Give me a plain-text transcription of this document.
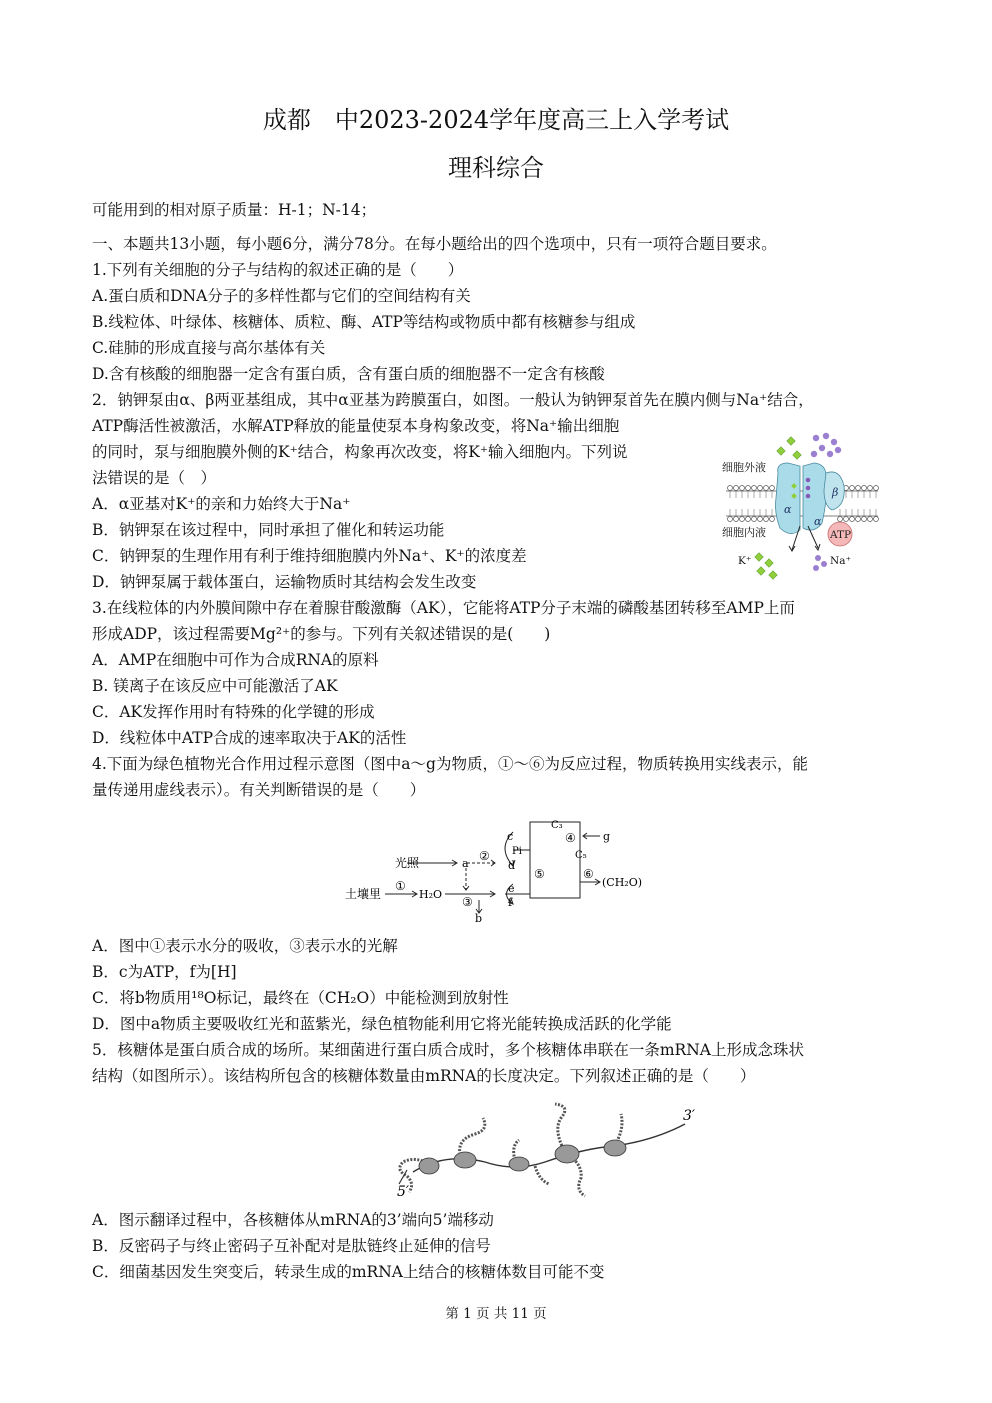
成都　中2023-2024学年度高三上入学考试
理科综合
可能用到的相对原子质量：H-1；N-14；
一、本题共13小题，每小题6分，满分78分。在每小题给出的四个选项中，只有一项符合题目要求。
1.下列有关细胞的分子与结构的叙述正确的是（　　）
A.蛋白质和DNA分子的多样性都与它们的空间结构有关
B.线粒体、叶绿体、核糖体、质粒、酶、ATP等结构或物质中都有核糖参与组成
C.硅肺的形成直接与高尔基体有关
D.含有核酸的细胞器一定含有蛋白质，含有蛋白质的细胞器不一定含有核酸
2．钠钾泵由α、β两亚基组成，其中α亚基为跨膜蛋白，如图。一般认为钠钾泵首先在膜内侧与Na⁺结合，
ATP酶活性被激活，水解ATP释放的能量使泵本身构象改变，将Na⁺输出细胞
的同时，泵与细胞膜外侧的K⁺结合，构象再次改变，将K⁺输入细胞内。下列说
法错误的是（　）
A．α亚基对K⁺的亲和力始终大于Na⁺
B．钠钾泵在该过程中，同时承担了催化和转运功能
C．钠钾泵的生理作用有利于维持细胞膜内外Na⁺、K⁺的浓度差
D．钠钾泵属于载体蛋白，运输物质时其结构会发生改变
α
α
β
细胞外液
细胞内液	ATP
K⁺	Na⁺
3.在线粒体的内外膜间隙中存在着腺苷酸激酶（AK），它能将ATP分子末端的磷酸基团转移至AMP上而
形成ADP，该过程需要Mg²⁺的参与。下列有关叙述错误的是(　　)
A．AMP在细胞中可作为合成RNA的原料
B. 镁离子在该反应中可能激活了AK
C．AK发挥作用时有特殊的化学键的形成
D．线粒体中ATP合成的速率取决于AK的活性
4.下面为绿色植物光合作用过程示意图（图中a～g为物质，①～⑥为反应过程，物质转换用实线表示，能
量传递用虚线表示）。有关判断错误的是（　　）
光照
土壤里	H₂O
a
b
c
Pi
d
e
f
g
C₃
C₅
①
②
③
④
⑤	⑥
(CH₂O)
A．图中①表示水分的吸收，③表示水的光解
B．c为ATP，f为[H]
C．将b物质用¹⁸O标记，最终在（CH₂O）中能检测到放射性
D．图中a物质主要吸收红光和蓝紫光，绿色植物能利用它将光能转换成活跃的化学能
5．核糖体是蛋白质合成的场所。某细菌进行蛋白质合成时，多个核糖体串联在一条mRNA上形成念珠状
结构（如图所示）。该结构所包含的核糖体数量由mRNA的长度决定。下列叙述正确的是（　　）
5′
3′
A．图示翻译过程中，各核糖体从mRNA的3’端向5’端移动
B．反密码子与终止密码子互补配对是肽链终止延伸的信号
C．细菌基因发生突变后，转录生成的mRNA上结合的核糖体数目可能不变
第 1 页 共 11 页
